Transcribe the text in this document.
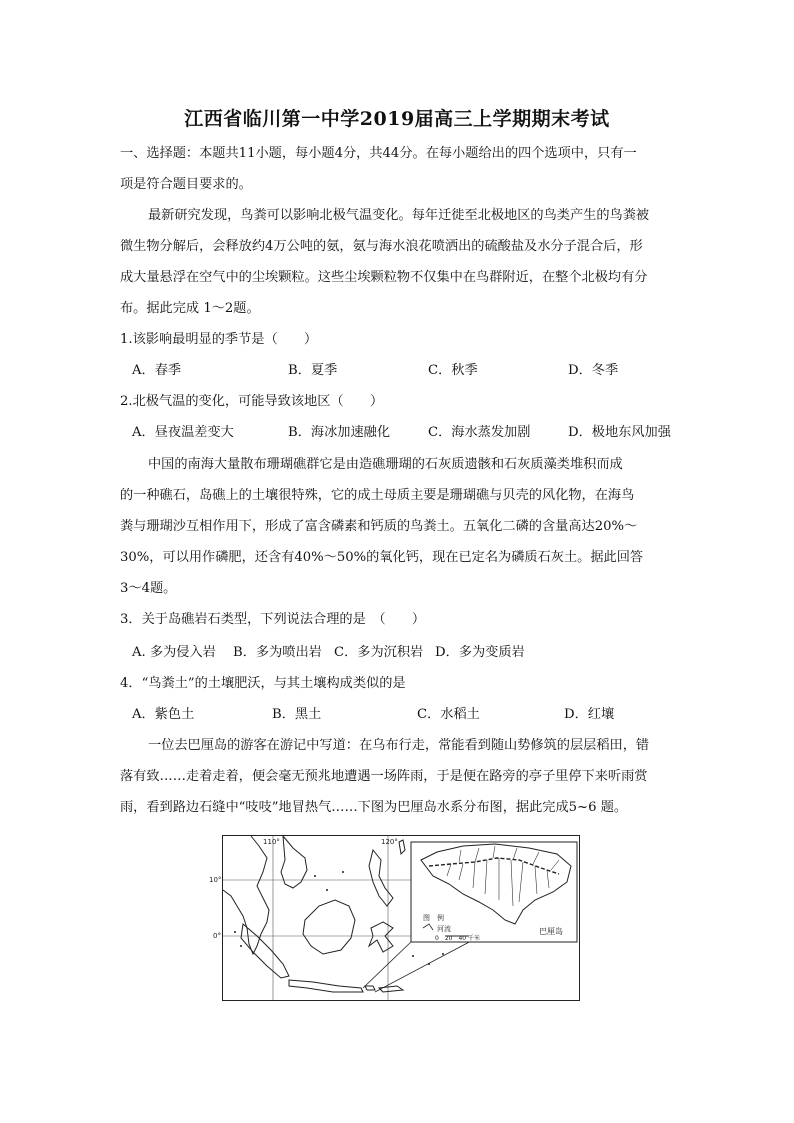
江西省临川第一中学2019届高三上学期期末考试
一、选择题：本题共11小题，每小题4分，共44分。在每小题给出的四个选项中，只有一
项是符合题目要求的。
最新研究发现，鸟粪可以影响北极气温变化。每年迁徙至北极地区的鸟类产生的鸟粪被
微生物分解后，会释放约4万公吨的氨，氨与海水浪花喷洒出的硫酸盐及水分子混合后，形
成大量悬浮在空气中的尘埃颗粒。这些尘埃颗粒物不仅集中在鸟群附近，在整个北极均有分
布。据此完成 1～2题。
1.该影响最明显的季节是（　　）
A．春季	B．夏季	C．秋季	D．冬季
2.北极气温的变化，可能导致该地区（　　）
A．昼夜温差变大	B．海冰加速融化	C．海水蒸发加剧	D．极地东风加强
中国的南海大量散布珊瑚礁群它是由造礁珊瑚的石灰质遗骸和石灰质藻类堆积而成
的一种礁石，岛礁上的土壤很特殊，它的成土母质主要是珊瑚礁与贝壳的风化物，在海鸟
粪与珊瑚沙互相作用下，形成了富含磷素和钙质的鸟粪土。五氧化二磷的含量高达20%～
30%，可以用作磷肥，还含有40%～50%的氧化钙，现在已定名为磷质石灰土。据此回答
3～4题。
3．关于岛礁岩石类型，下列说法合理的是　（　　）
A. 多为侵入岩 B．多为喷出岩 C．多为沉积岩 D．多为变质岩
4．“鸟粪土”的土壤肥沃，与其土壤构成类似的是
A．紫色土	B．黑土	C．水稻土	D．红壤
一位去巴厘岛的游客在游记中写道：在乌布行走，常能看到随山势修筑的层层稻田，错
落有致……走着走着，便会毫无预兆地遭遇一场阵雨，于是便在路旁的亭子里停下来听雨赏
雨，看到路边石缝中“吱吱”地冒热气……下图为巴厘岛水系分布图，据此完成5~6 题。
110°	120°
10°
0°
图　例
河流
0　20　40 千米
巴厘岛
